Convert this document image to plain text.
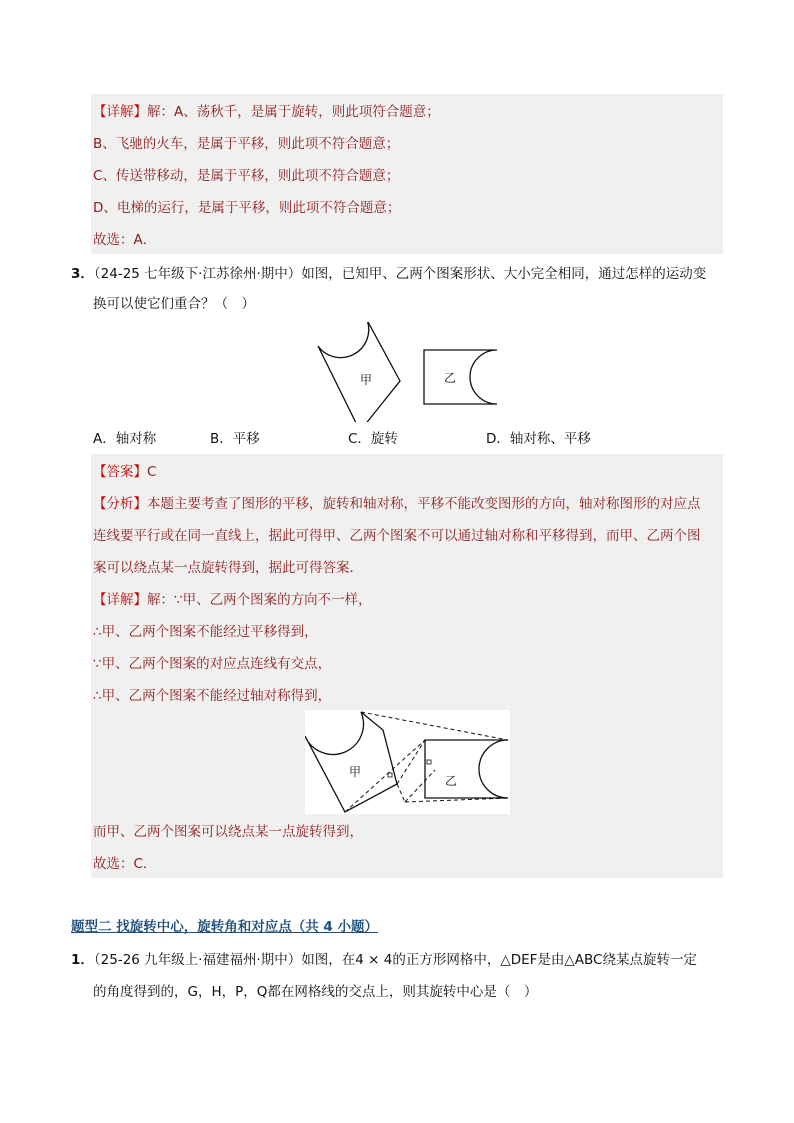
【详解】解：A、荡秋千，是属于旋转，则此项符合题意；
B、飞驰的火车，是属于平移，则此项不符合题意；
C、传送带移动，是属于平移，则此项不符合题意；
D、电梯的运行，是属于平移，则此项不符合题意；
故选：A．
3．（24-25 七年级下·江苏徐州·期中）如图，已知甲、乙两个图案形状、大小完全相同，通过怎样的运动变
换可以使它们重合？（　）
甲	乙
A．轴对称	B．平移	C．旋转	D．轴对称、平移
【答案】C
【分析】本题主要考查了图形的平移，旋转和轴对称，平移不能改变图形的方向，轴对称图形的对应点
连线要平行或在同一直线上，据此可得甲、乙两个图案不可以通过轴对称和平移得到，而甲、乙两个图
案可以绕点某一点旋转得到，据此可得答案．
【详解】解：∵甲、乙两个图案的方向不一样，
∴甲、乙两个图案不能经过平移得到，
∵甲、乙两个图案的对应点连线有交点，
∴甲、乙两个图案不能经过轴对称得到，
甲
乙
而甲、乙两个图案可以绕点某一点旋转得到，
故选：C．
题型二 找旋转中心，旋转角和对应点（共 4 小题）
1．（25-26 九年级上·福建福州·期中）如图，在4 × 4的正方形网格中，△DEF是由△ABC绕某点旋转一定
的角度得到的，G，H，P，Q都在网格线的交点上，则其旋转中心是（　）
